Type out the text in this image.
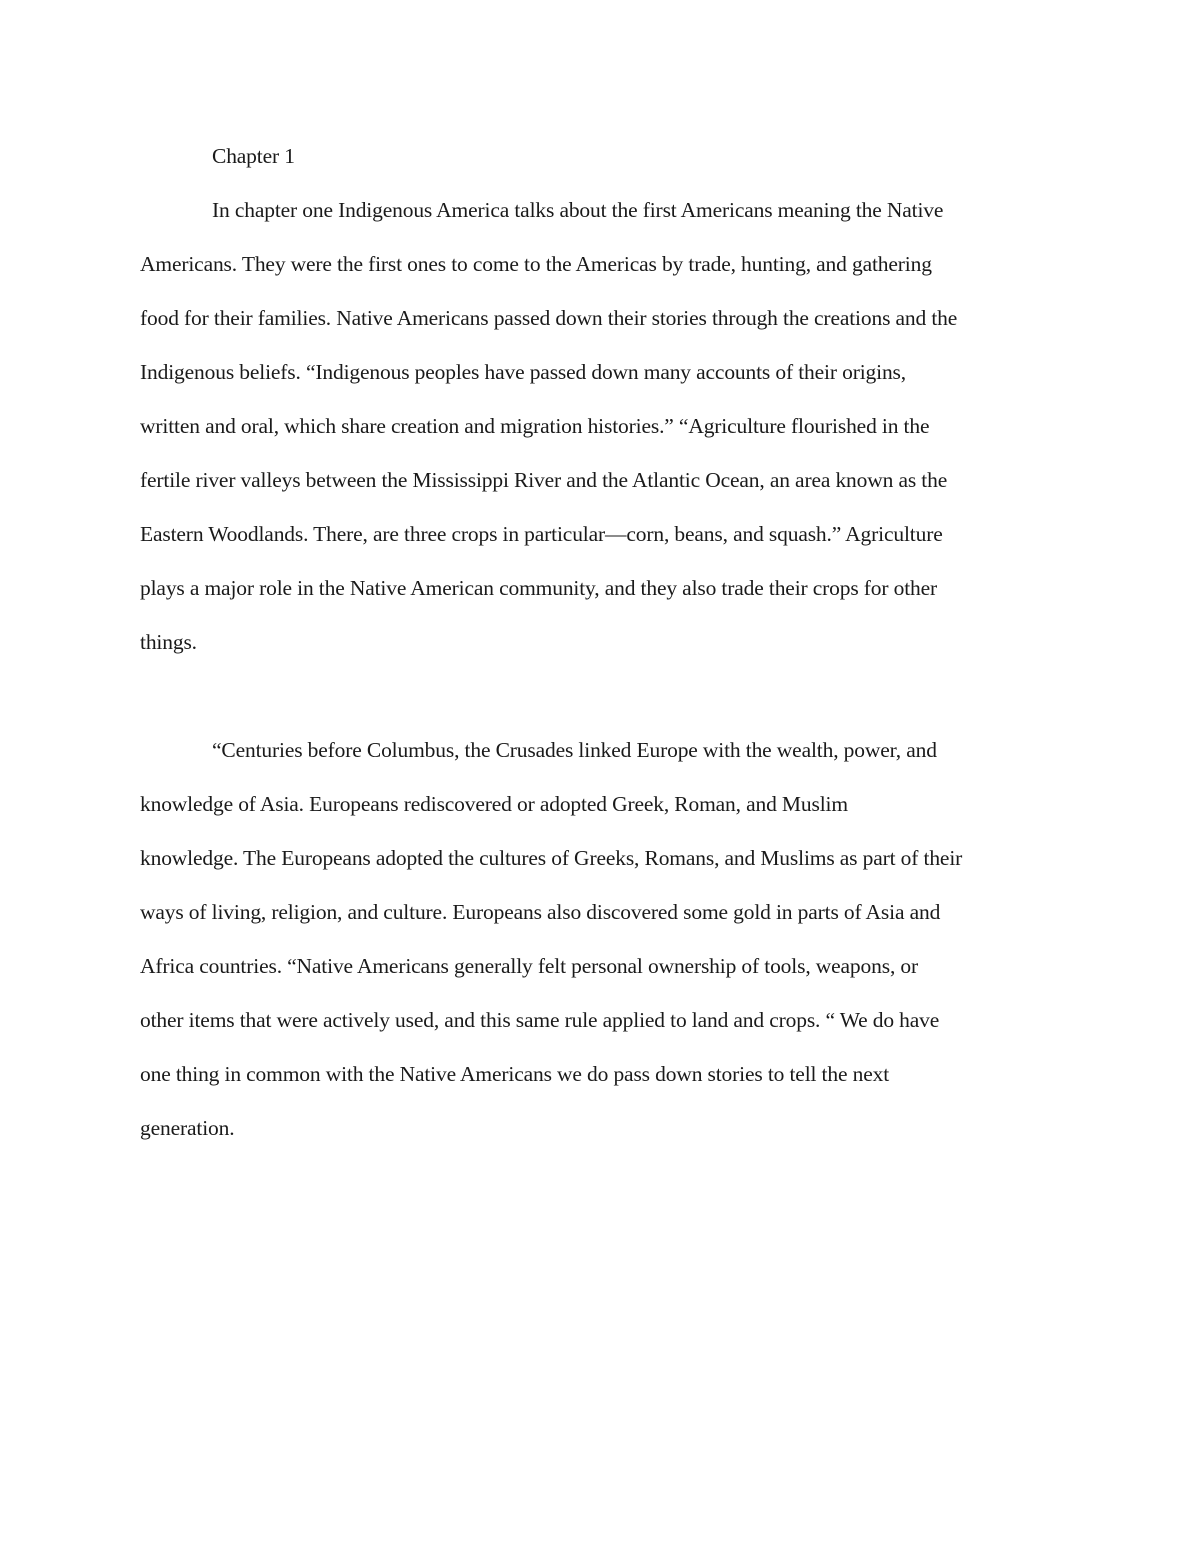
Chapter 1
In chapter one Indigenous America talks about the first Americans meaning the Native
Americans. They were the first ones to come to the Americas by trade, hunting, and gathering
food for their families. Native Americans passed down their stories through the creations and the
Indigenous beliefs. “Indigenous peoples have passed down many accounts of their origins,
written and oral, which share creation and migration histories.” “Agriculture flourished in the
fertile river valleys between the Mississippi River and the Atlantic Ocean, an area known as the
Eastern Woodlands. There, are three crops in particular—corn, beans, and squash.” Agriculture
plays a major role in the Native American community, and they also trade their crops for other
things.
“Centuries before Columbus, the Crusades linked Europe with the wealth, power, and
knowledge of Asia. Europeans rediscovered or adopted Greek, Roman, and Muslim
knowledge. The Europeans adopted the cultures of Greeks, Romans, and Muslims as part of their
ways of living, religion, and culture. Europeans also discovered some gold in parts of Asia and
Africa countries. “Native Americans generally felt personal ownership of tools, weapons, or
other items that were actively used, and this same rule applied to land and crops. “ We do have
one thing in common with the Native Americans we do pass down stories to tell the next
generation.
